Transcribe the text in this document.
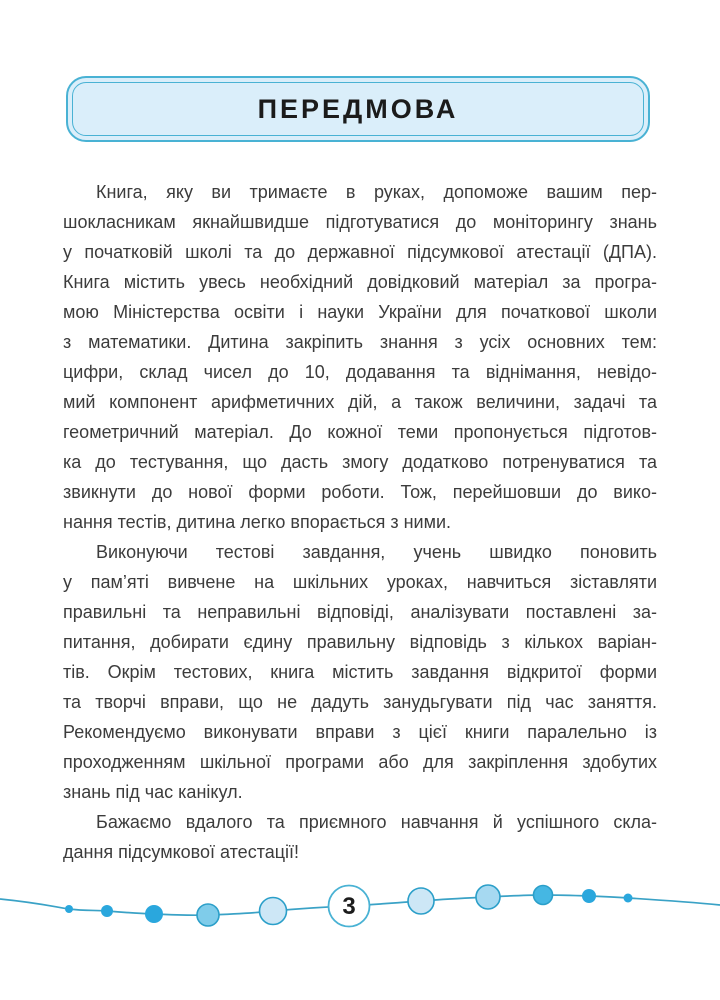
ПЕРЕДМОВА
Книга, яку ви тримаєте в руках, допоможе вашим пер-
шокласникам якнайшвидше підготуватися до моніторингу знань
у початковій школі та до державної підсумкової атестації (ДПА).
Книга містить увесь необхідний довідковий матеріал за програ-
мою Міністерства освіти і науки України для початкової школи
з математики. Дитина закріпить знання з усіх основних тем:
цифри, склад чисел до 10, додавання та віднімання, невідо-
мий компонент арифметичних дій, а також величини, задачі та
геометричний матеріал. До кожної теми пропонується підготов-
ка до тестування, що дасть змогу додатково потренуватися та
звикнути до нової форми роботи. Тож, перейшовши до вико-
нання тестів, дитина легко впорається з ними.
Виконуючи тестові завдання, учень швидко поновить
у пам’яті вивчене на шкільних уроках, навчиться зіставляти
правильні та неправильні відповіді, аналізувати поставлені за-
питання, добирати єдину правильну відповідь з кількох варіан-
тів. Окрім тестових, книга містить завдання відкритої форми
та творчі вправи, що не дадуть занудьгувати під час заняття.
Рекомендуємо виконувати вправи з цієї книги паралельно із
проходженням шкільної програми або для закріплення здобутих
знань під час канікул.
Бажаємо вдалого та приємного навчання й успішного скла-
дання підсумкової атестації!
3
